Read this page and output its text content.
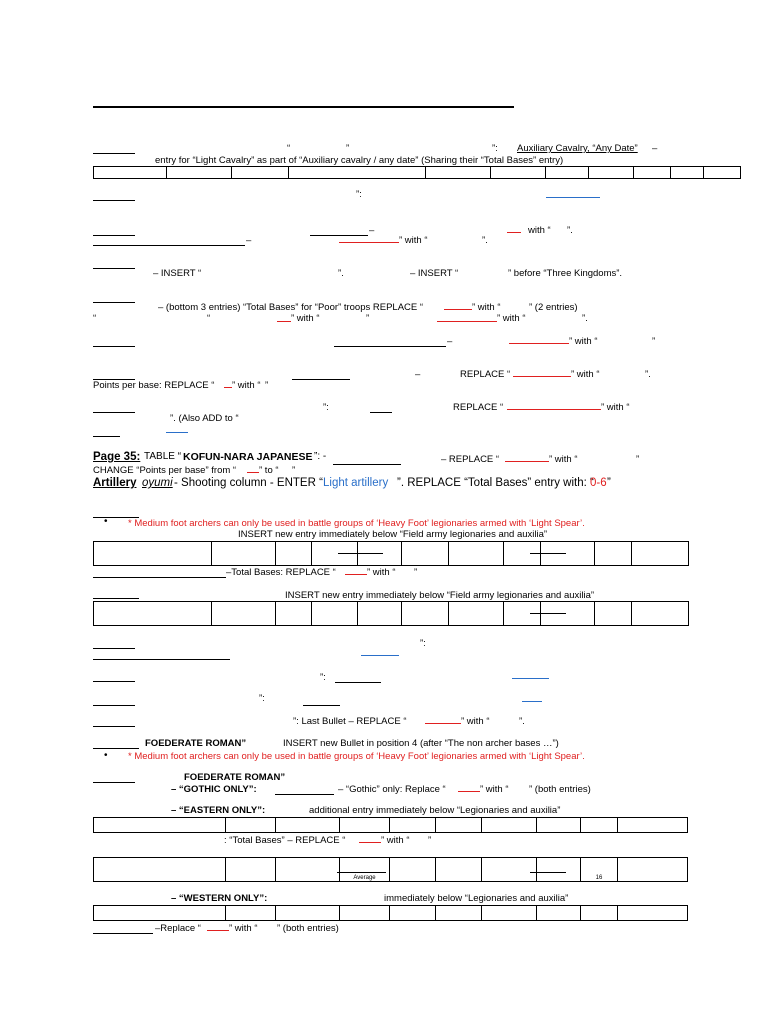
“	”	”: Auxiliary Cavalry, “Any Date” –
entry for “Light Cavalry” as part of “Auxiliary cavalry / any date” (Sharing their “Total Bases” entry)

”:
–	with “ ”.
–	” with “	”.
– INSERT “	”.	– INSERT “	” before “Three Kingdoms”.
– (bottom 3 entries) “Total Bases” for “Poor” troops REPLACE “	” with “	” (2 entries)
“	“	” with “	”	” with “	”.
–	” with “	”
–	REPLACE “	” with “	”.
Points per base: REPLACE “ ” with “ ”
”:	REPLACE “	” with “
”. (Also ADD to “
Page 35: TABLE “ KOFUN-NARA JAPANESE ”: -	– REPLACE “	” with “	”
CHANGE “Points per base” from “ ” to “ ”
Artillery oyumi - Shooting column - ENTER “ Light artillery ”. REPLACE “Total Bases” entry with: “
0-6 ”
• * Medium foot archers can only be used in battle groups of ‘Heavy Foot’ legionaries armed with ‘Light Spear’.
INSERT new entry immediately below “Field army legionaries and auxilia”

–Total Bases: REPLACE “	” with “ ”
INSERT new entry immediately below “Field army legionaries and auxilia”

”:
”:
”:
”: Last Bullet – REPLACE “	” with “	”.
FOEDERATE ROMAN”	INSERT new Bullet in position 4 (after “The non archer bases …”)
• * Medium foot archers can only be used in battle groups of ‘Heavy Foot’ legionaries armed with ‘Light Spear’.
FOEDERATE ROMAN”
– “GOTHIC ONLY”:	– “Gothic” only: Replace “	” with “ ” (both entries)
– “EASTERN ONLY”:	additional entry immediately below “Legionaries and auxilia”

: “Total Bases” – REPLACE “	” with “ ”
			Average					16	
– “WESTERN ONLY”:	immediately below “Legionaries and auxilia”

–Replace “	” with “ ” (both entries)
